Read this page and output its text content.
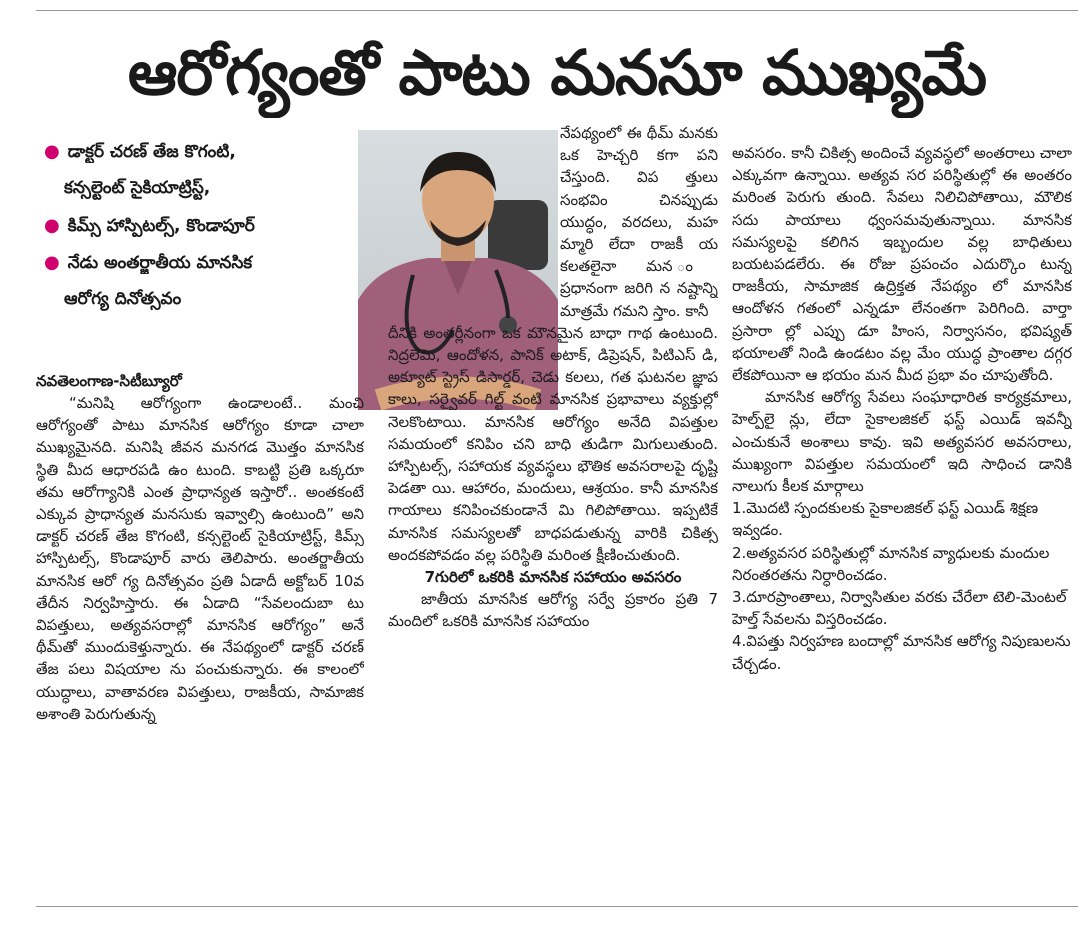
ఆరోగ్యంతో పాటు మనసూ ముఖ్యమే
● డాక్టర్ చరణ్ తేజ కొగంటి,
కన్సల్టెంట్ సైకియాట్రిస్ట్,
● కిమ్స్ హాస్పిటల్స్, కొండాపూర్
● నేడు అంతర్జాతీయ మానసిక
ఆరోగ్య దినోత్సవం
నవతెలంగాణ-సిటీబ్యూరో

“మనిషి ఆరోగ్యంగా ఉండాలంటే.. మంచి ఆరోగ్యంతో పాటు మానసిక ఆరోగ్యం కూడా చాలా ముఖ్యమైనది. మనిషి జీవన మనగడ మొత్తం మానసిక స్థితి మీద ఆధారపడి ఉం టుంది. కాబట్టి ప్రతి ఒక్కరూ తమ ఆరోగ్యానికి ఎంత ప్రాధాన్యత ఇస్తారో.. అంతకంటే ఎక్కువ ప్రాధాన్యత మనసుకు ఇవ్వాల్సి ఉంటుంది” అని డాక్టర్ చరణ్ తేజ కొగంటి, కన్సల్టెంట్ సైకియాట్రిస్ట్, కిమ్స్ హాస్పిటల్స్, కొండాపూర్ వారు తెలిపారు. అంతర్జాతీయ మానసిక ఆరో గ్య దినోత్సవం ప్రతి ఏడాదీ అక్టోబర్ 10వ తేదీన నిర్వహిస్తారు. ఈ ఏడాది “సేవలందుబా టు విపత్తులు, అత్యవసరాల్లో మానసిక ఆరోగ్యం” అనే థీమ్‌తో ముందుకెళ్తున్నారు. ఈ నేపథ్యంలో డాక్టర్ చరణ్ తేజ పలు విషయాల ను పంచుకున్నారు. ఈ కాలంలో యుద్ధాలు, వాతావరణ విపత్తులు, రాజకీయ, సామాజిక అశాంతి పెరుగుతున్న

నేపథ్యంలో ఈ థీమ్ మనకు ఒక హెచ్చరి కగా పని చేస్తుంది. విప త్తులు సంభవిం చినప్పుడు యుద్ధం, వరదలు, మహ మ్మారి లేదా రాజకీ య కలతలైనా మన ం ప్రధానంగా జరిగి న నష్టాన్ని మాత్రమే గమని స్తాం. కానీ

దీనికి అంతర్లీనంగా ఒక మౌనమైన బాధా గాథ ఉంటుంది. నిద్రలేమి, ఆందోళన, పానిక్ అటాక్, డిప్రెషన్, పిటిఎస్ డి, అక్యూట్ స్ట్రెస్ డిసార్డర్, చెడు కలలు, గత ఘటనల జ్ఞాప కాలు, సర్వైవర్ గిల్ట్ వంటి మానసిక ప్రభావాలు వ్యక్తుల్లో నెలకొంటాయి. మానసిక ఆరోగ్యం అనేది విపత్తుల సమయంలో కనిపిం చని బాధి తుడిగా మిగులుతుంది. హాస్పిటల్స్, సహాయక వ్యవస్థలు భౌతిక అవసరాలపై దృష్టి పెడతా యి. ఆహారం, మందులు, ఆశ్రయం. కానీ మానసిక గాయాలు కనిపించకుండానే మి గిలిపోతాయి. ఇప్పటికే మానసిక సమస్యలతో బాధపడుతున్న వారికి చికిత్స అందకపోవడం వల్ల పరిస్థితి మరింత క్షీణించుతుంది.

7గురిలో ఒకరికి మానసిక సహాయం అవసరం

జాతీయ మానసిక ఆరోగ్య సర్వే ప్రకారం ప్రతి 7 మందిలో ఒకరికి మానసిక సహాయం

అవసరం. కానీ చికిత్స అందించే వ్యవస్థలో అంతరాలు చాలా ఎక్కువగా ఉన్నాయి. అత్యవ సర పరిస్థితుల్లో ఈ అంతరం మరింత పెరుగు తుంది. సేవలు నిలిచిపోతాయి, మౌలిక సదు పాయాలు ధ్వంసమవుతున్నాయి. మానసిక సమస్యలపై కలిగిన ఇబ్బందుల వల్ల బాధితులు బయటపడలేరు. ఈ రోజు ప్రపంచం ఎదుర్కొం టున్న రాజకీయ, సామాజిక ఉద్రిక్తత నేపథ్యం లో మానసిక ఆందోళన గతంలో ఎన్నడూ లేనంతగా పెరిగింది. వార్తా ప్రసారా ల్లో ఎప్పు డూ హింస, నిర్వాసనం, భవిష్యత్ భయాలతో నిండి ఉండటం వల్ల మేం యుద్ధ ప్రాంతాల దగ్గర లేకపోయినా ఆ భయం మన మీద ప్రభా వం చూపుతోంది.

మానసిక ఆరోగ్య సేవలు సంఘాధారిత కార్యక్రమాలు, హెల్ప్‌లై న్లు, లేదా సైకాలజికల్ ఫస్ట్ ఎయిడ్ ఇవన్నీ ఎంచుకునే అంశాలు కావు. ఇవి అత్యవసర అవసరాలు, ముఖ్యంగా విపత్తుల సమయంలో ఇది సాధించ డానికి నాలుగు కీలక మార్గాలు

1.మొదటి స్పందకులకు సైకాలజికల్ ఫస్ట్ ఎయిడ్ శిక్షణ ఇవ్వడం.

2.అత్యవసర పరిస్థితుల్లో మానసిక వ్యాధులకు మందుల నిరంతరతను నిర్ధారించడం.

3.దూరప్రాంతాలు, నిర్వాసితుల వరకు చేరేలా టెలి-మెంటల్ హెల్త్ సేవలను విస్తరించడం.

4.విపత్తు నిర్వహణ బందాల్లో మానసిక ఆరోగ్య నిపుణులను చేర్చడం.
